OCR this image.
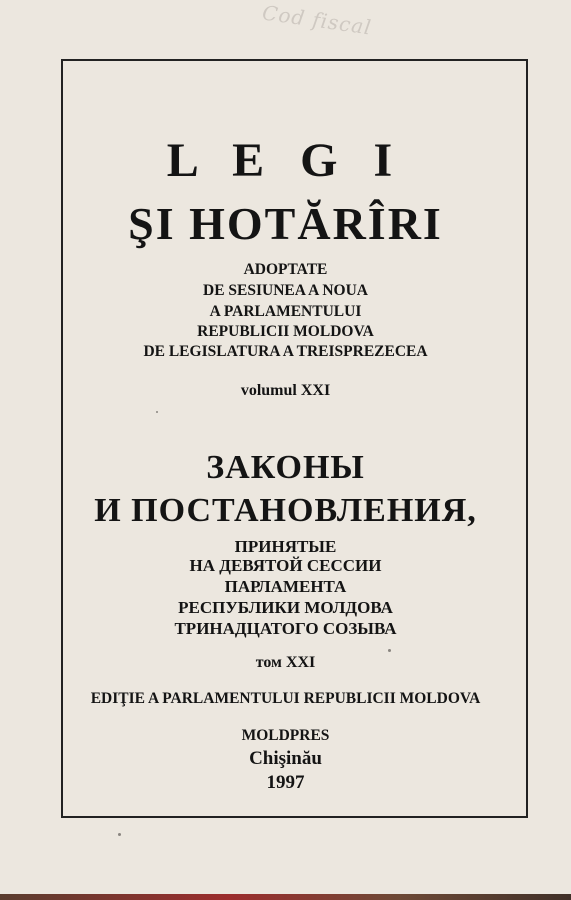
Cod fiscal
L E G I
ŞI HOTĂRÎRI
ADOPTATE
DE SESIUNEA A NOUA
A PARLAMENTULUI
REPUBLICII MOLDOVA
DE LEGISLATURA A TREISPREZECEA
volumul XXI
ЗАКОНЫ
И ПОСТАНОВЛЕНИЯ,
ПРИНЯТЫЕ
НА ДЕВЯТОЙ СЕССИИ
ПАРЛАМЕНТА
РЕСПУБЛИКИ МОЛДОВА
ТРИНАДЦАТОГО СОЗЫВА
том XXI
EDIŢIE A PARLAMENTULUI REPUBLICII MOLDOVA
MOLDPRES
Chişinău
1997
